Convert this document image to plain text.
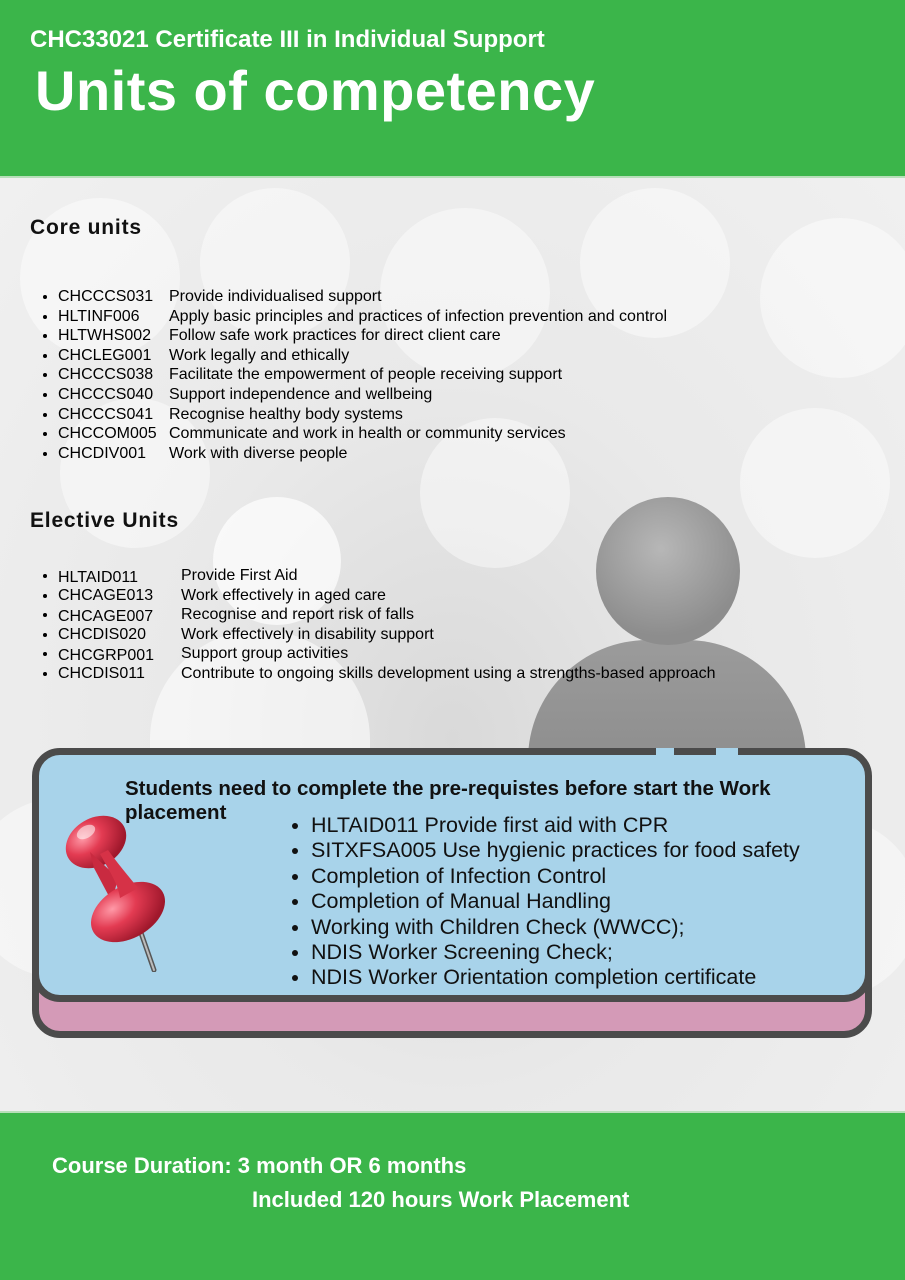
CHC33021 Certificate III in Individual Support
Units of competency
Core units
• CHCCCS031 Provide individualised support
• HLTINF006 Apply basic principles and practices of infection prevention and control
• HLTWHS002 Follow safe work practices for direct client care
• CHCLEG001 Work legally and ethically
• CHCCCS038 Facilitate the empowerment of people receiving support
• CHCCCS040 Support independence and wellbeing
• CHCCCS041 Recognise healthy body systems
• CHCCOM005 Communicate and work in health or community services
• CHCDIV001 Work with diverse people
Elective Units
• HLTAID011	Provide First Aid
• CHCAGE013 Work effectively in aged care
• CHCAGE007 Recognise and report risk of falls
• CHCDIS020 Work effectively in disability support
• CHCGRP001 Support group activities
• CHCDIS011 Contribute to ongoing skills development using a strengths-based approach
Students need to complete the pre-requistes before start the Work placement
• HLTAID011 Provide first aid with CPR
• SITXFSA005 Use hygienic practices for food safety
• Completion of Infection Control
• Completion of Manual Handling
• Working with Children Check (WWCC);
• NDIS Worker Screening Check;
• NDIS Worker Orientation completion certificate
Course Duration: 3 month OR 6 months
Included 120 hours Work Placement
